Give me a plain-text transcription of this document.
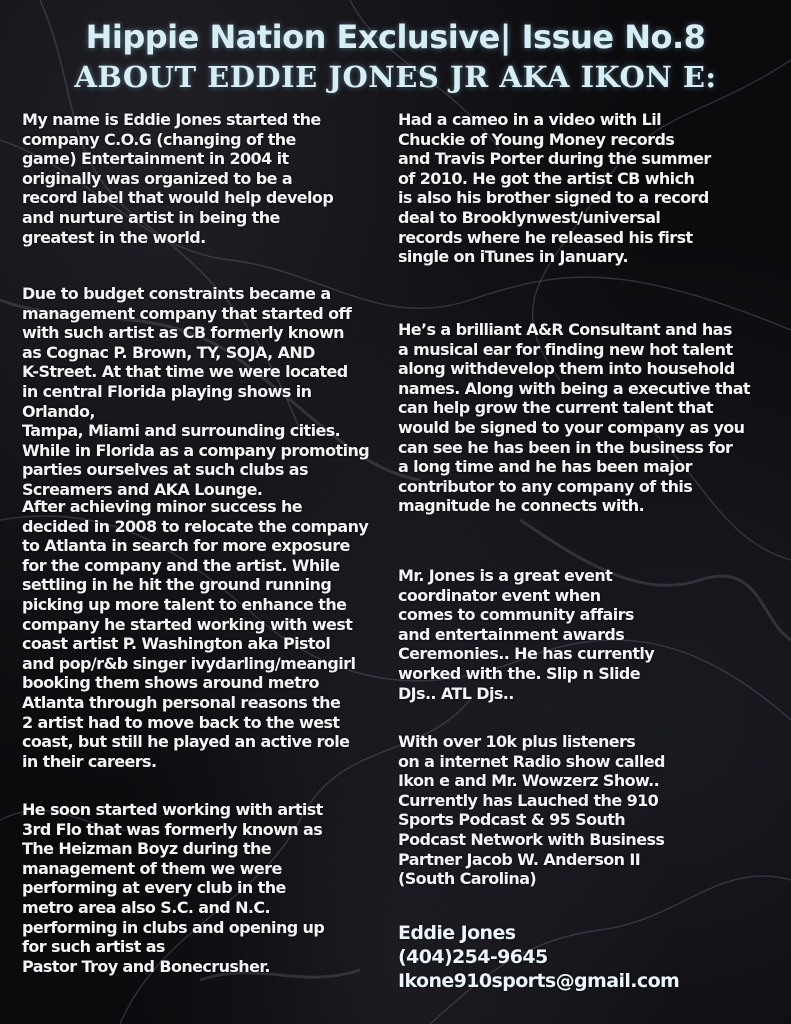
Hippie Nation Exclusive| Issue No.8
ABOUT EDDIE JONES JR AKA IKON E:

My name is Eddie Jones started the
company C.O.G (changing of the
game) Entertainment in 2004 it
originally was organized to be a
record label that would help develop
and nurture artist in being the
greatest in the world.

Due to budget constraints became a
management company that started off
with such artist as CB formerly known
as Cognac P. Brown, TY, SOJA, AND
K-Street. At that time we were located
in central Florida playing shows in Orlando,
Tampa, Miami and surrounding cities.
While in Florida as a company promoting
parties ourselves at such clubs as
Screamers and AKA Lounge.

After achieving minor success he
decided in 2008 to relocate the company
to Atlanta in search for more exposure
for the company and the artist. While
settling in he hit the ground running
picking up more talent to enhance the
company he started working with west
coast artist P. Washington aka Pistol
and pop/r&b singer ivydarling/meangirl
booking them shows around metro
Atlanta through personal reasons the
2 artist had to move back to the west
coast, but still he played an active role
in their careers.

He soon started working with artist
3rd Flo that was formerly known as
The Heizman Boyz during the
management of them we were
performing at every club in the
metro area also S.C. and N.C.
performing in clubs and opening up
for such artist as
Pastor Troy and Bonecrusher.

Had a cameo in a video with Lil
Chuckie of Young Money records
and Travis Porter during the summer
of 2010. He got the artist CB which
is also his brother signed to a record
deal to Brooklynwest/universal
records where he released his first
single on iTunes in January.

He’s a brilliant A&R Consultant and has
a musical ear for finding new hot talent
along withdevelop them into household
names. Along with being a executive that
can help grow the current talent that
would be signed to your company as you
can see he has been in the business for
a long time and he has been major
contributor to any company of this
magnitude he connects with.

Mr. Jones is a great event
coordinator event when
comes to community affairs
and entertainment awards
Ceremonies.. He has currently
worked with the. Slip n Slide
DJs.. ATL Djs..

With over 10k plus listeners
on a internet Radio show called
Ikon e and Mr. Wowzerz Show..
Currently has Lauched the 910
Sports Podcast & 95 South
Podcast Network with Business
Partner Jacob W. Anderson II
(South Carolina)

Eddie Jones

(404)254-9645

Ikone910sports@gmail.com
